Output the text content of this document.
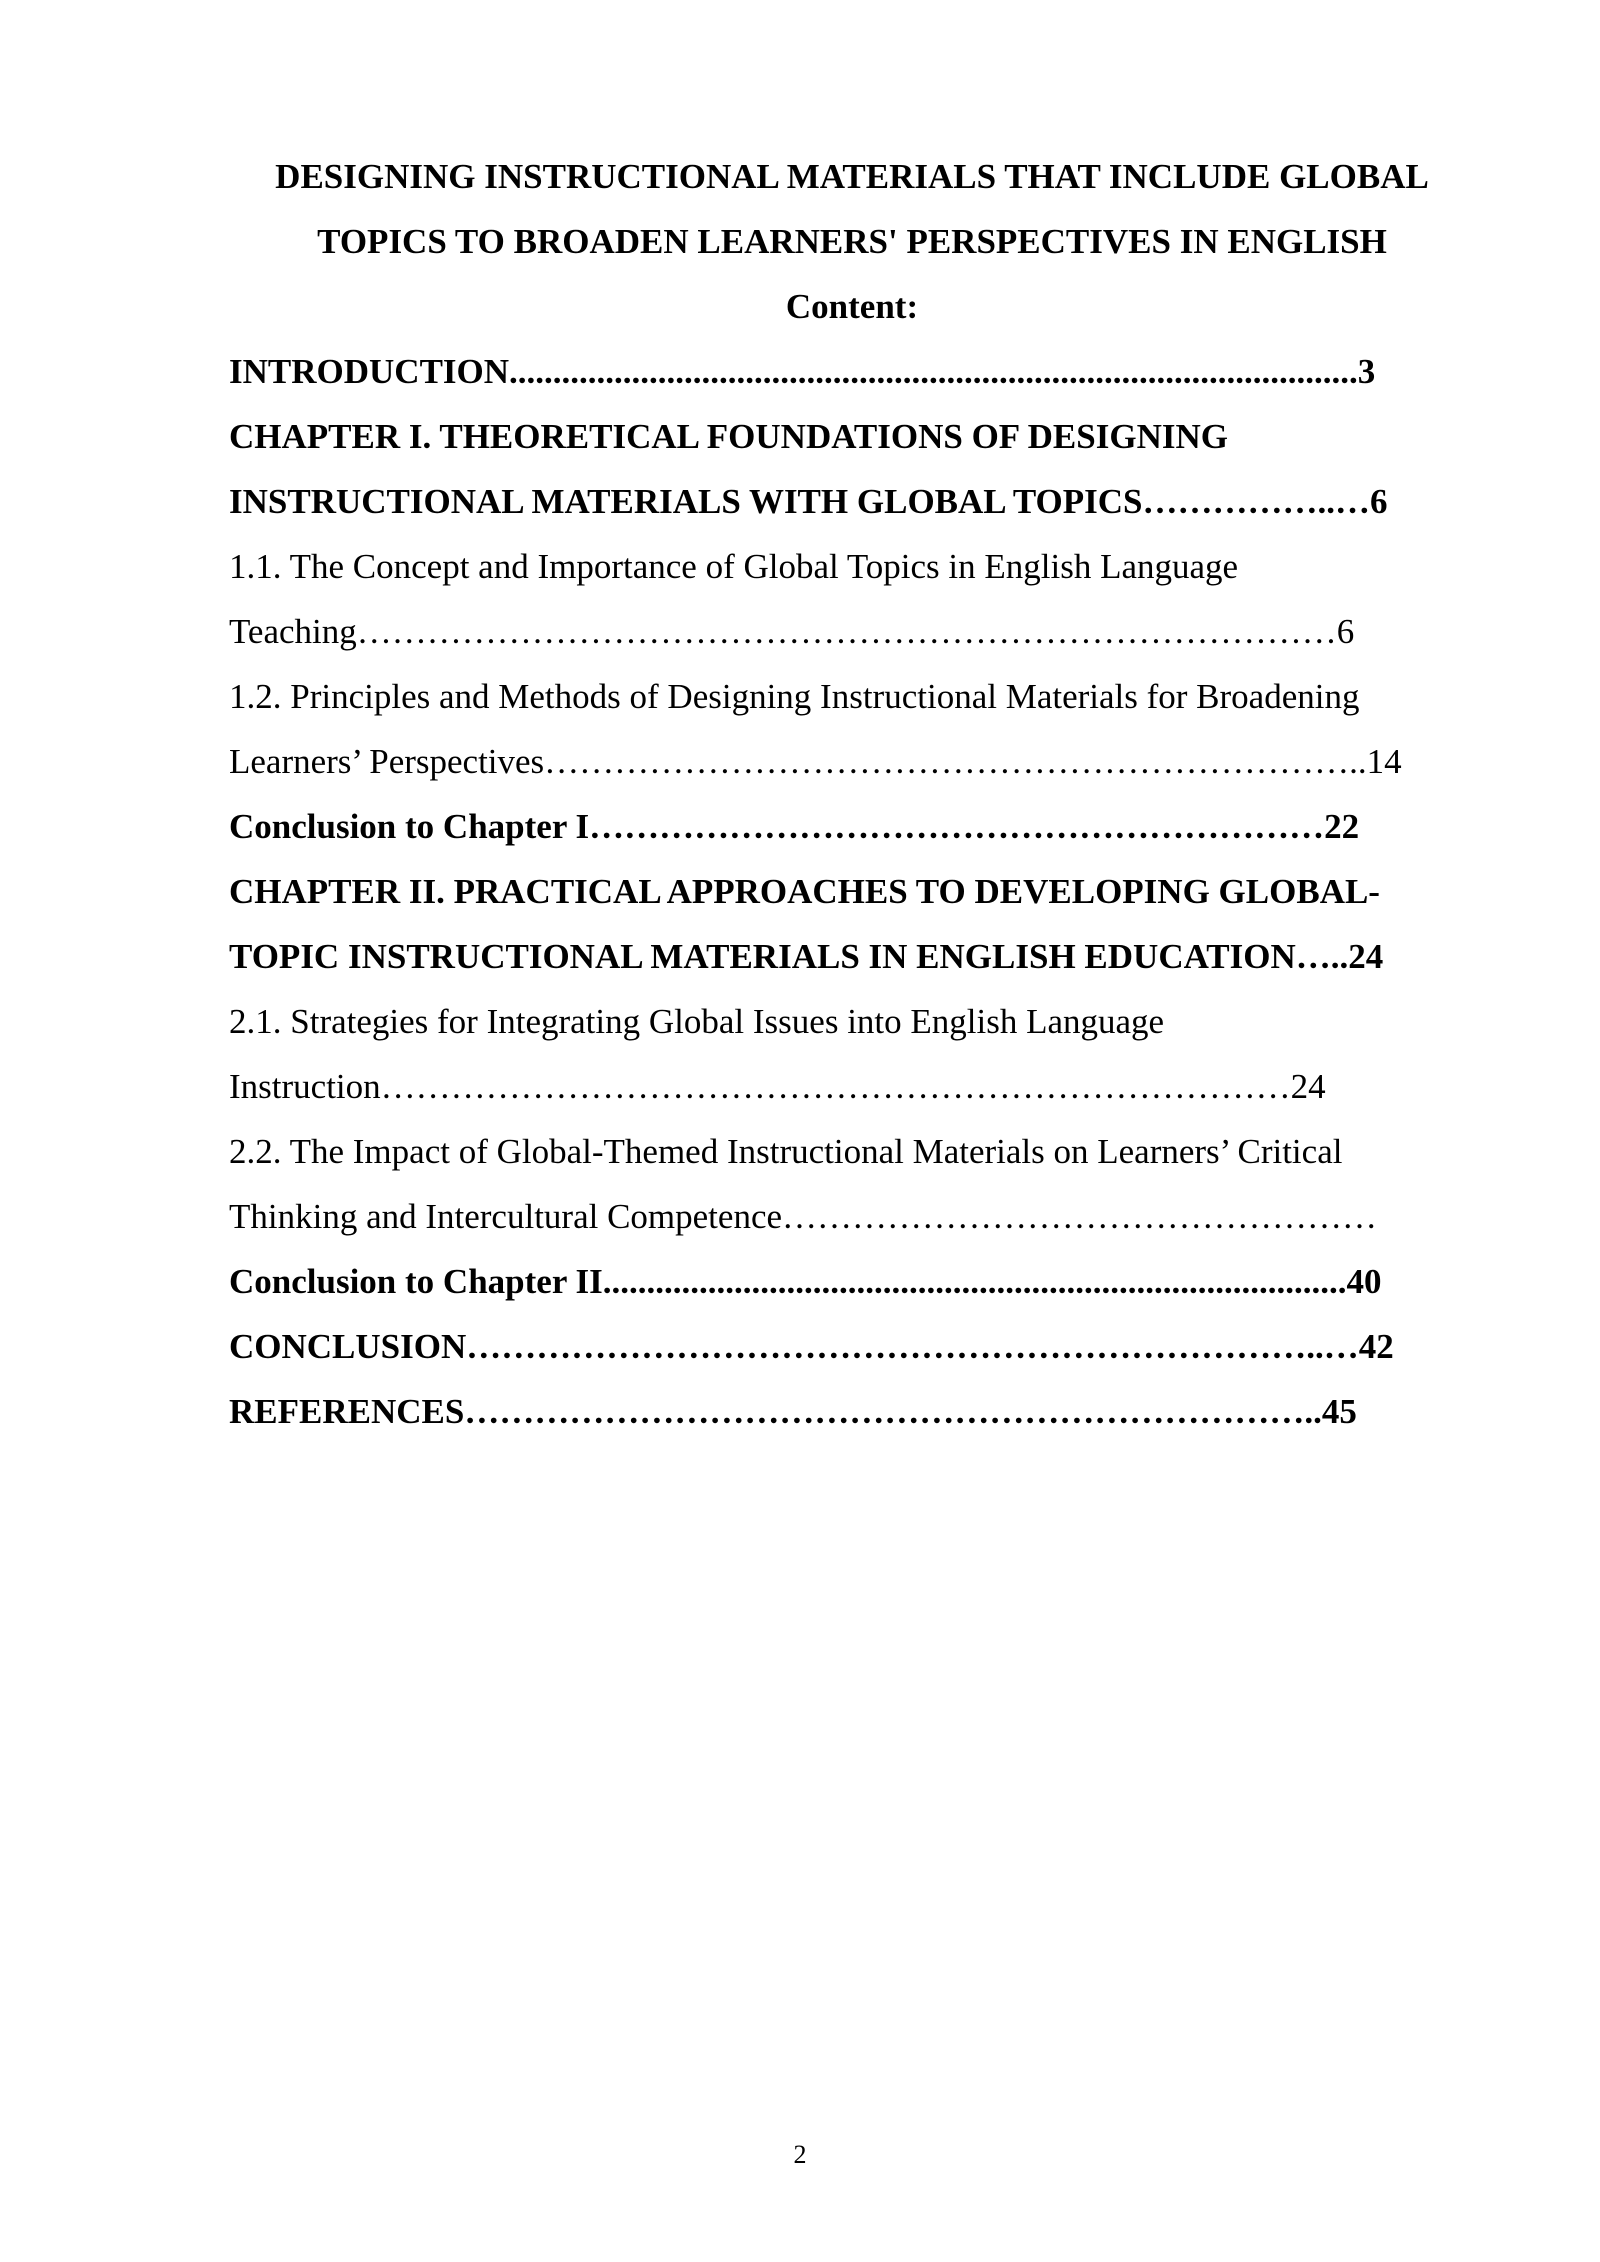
DESIGNING INSTRUCTIONAL MATERIALS THAT INCLUDE GLOBAL

TOPICS TO BROADEN LEARNERS' PERSPECTIVES IN ENGLISH

Content:

INTRODUCTION.................................................................................................3

CHAPTER I. THEORETICAL FOUNDATIONS OF DESIGNING

INSTRUCTIONAL MATERIALS WITH GLOBAL TOPICS……………..…6

1.1. The Concept and Importance of Global Topics in English Language

Teaching…………………………………………………………………………6

1.2. Principles and Methods of Designing Instructional Materials for Broadening

Learners’ Perspectives……………………………………………………………..14

Conclusion to Chapter I………………………………………………………22

CHAPTER II. PRACTICAL APPROACHES TO DEVELOPING GLOBAL-

TOPIC INSTRUCTIONAL MATERIALS IN ENGLISH EDUCATION…..24

2.1. Strategies for Integrating Global Issues into English Language

Instruction……………………………………………………………………24

2.2. The Impact of Global-Themed Instructional Materials on Learners’ Critical

Thinking and Intercultural Competence……………………………………………

Conclusion to Chapter II.....................................................................................40

CONCLUSION………………………………………………………………..…42

REFERENCES………………………………………………………………..45

2
